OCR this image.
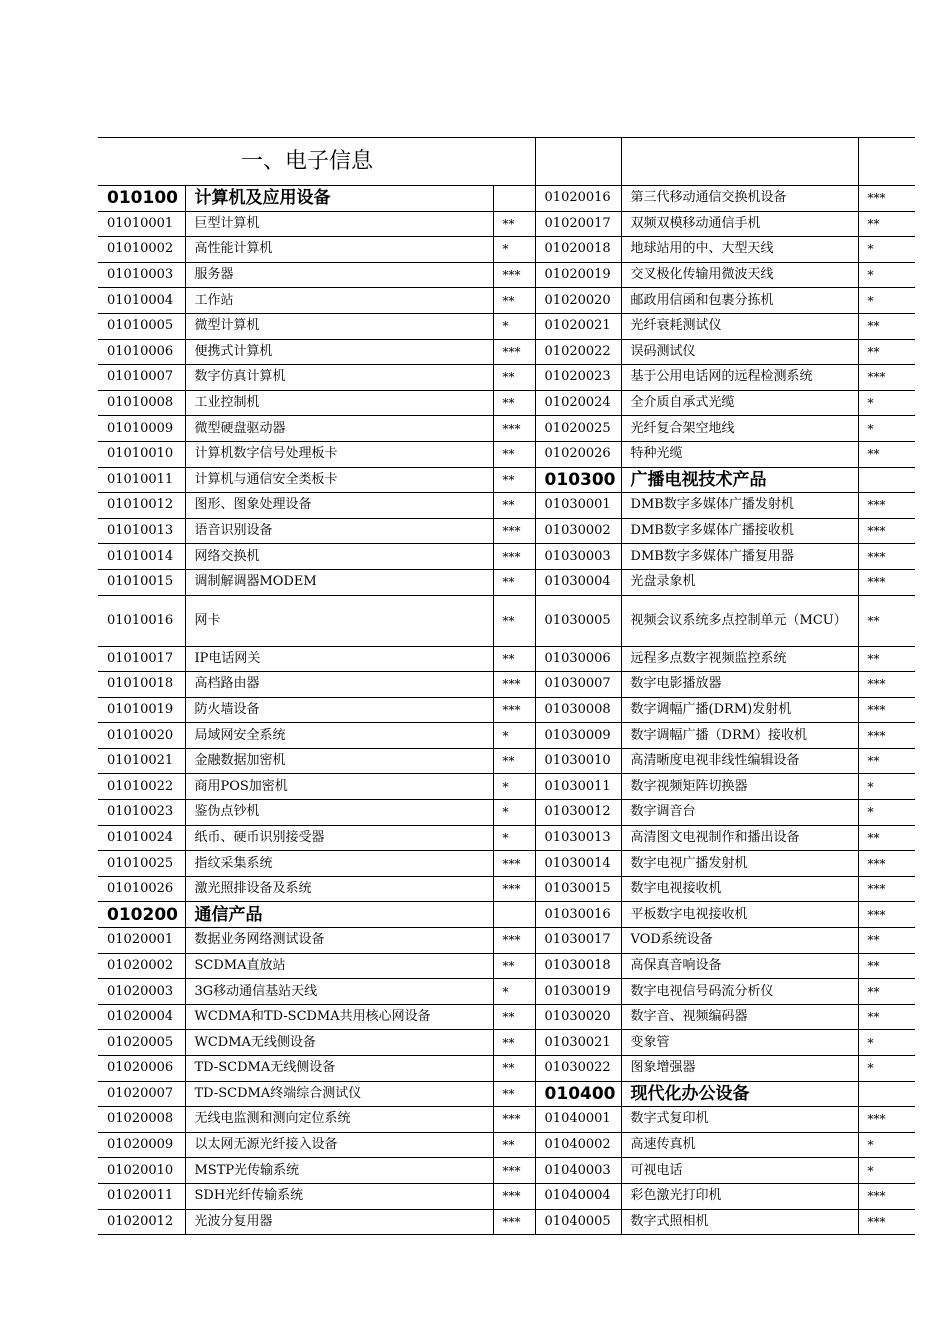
一、电子信息					
010100	计算机及应用设备		01020016	第三代移动通信交换机设备	***
01010001	巨型计算机	**	01020017	双频双模移动通信手机	**
01010002	高性能计算机	*	01020018	地球站用的中、大型天线	*
01010003	服务器	***	01020019	交叉极化传输用微波天线	*
01010004	工作站	**	01020020	邮政用信函和包裹分拣机	*
01010005	微型计算机	*	01020021	光纤衰耗测试仪	**
01010006	便携式计算机	***	01020022	误码测试仪	**
01010007	数字仿真计算机	**	01020023	基于公用电话网的远程检测系统	***
01010008	工业控制机	**	01020024	全介质自承式光缆	*
01010009	微型硬盘驱动器	***	01020025	光纤复合架空地线	*
01010010	计算机数字信号处理板卡	**	01020026	特种光缆	**
01010011	计算机与通信安全类板卡	**	010300	广播电视技术产品	
01010012	图形、图象处理设备	**	01030001	DMB数字多媒体广播发射机	***
01010013	语音识别设备	***	01030002	DMB数字多媒体广播接收机	***
01010014	网络交换机	***	01030003	DMB数字多媒体广播复用器	***
01010015	调制解调器MODEM	**	01030004	光盘录象机	***
01010016	网卡	**	01030005	视频会议系统多点控制单元（MCU）	**
01010017	IP电话网关	**	01030006	远程多点数字视频监控系统	**
01010018	高档路由器	***	01030007	数字电影播放器	***
01010019	防火墙设备	***	01030008	数字调幅广播(DRM)发射机	***
01010020	局域网安全系统	*	01030009	数字调幅广播（DRM）接收机	***
01010021	金融数据加密机	**	01030010	高清晰度电视非线性编辑设备	**
01010022	商用POS加密机	*	01030011	数字视频矩阵切换器	*
01010023	鉴伪点钞机	*	01030012	数字调音台	*
01010024	纸币、硬币识别接受器	*	01030013	高清图文电视制作和播出设备	**
01010025	指纹采集系统	***	01030014	数字电视广播发射机	***
01010026	激光照排设备及系统	***	01030015	数字电视接收机	***
010200	通信产品		01030016	平板数字电视接收机	***
01020001	数据业务网络测试设备	***	01030017	VOD系统设备	**
01020002	SCDMA直放站	**	01030018	高保真音响设备	**
01020003	3G移动通信基站天线	*	01030019	数字电视信号码流分析仪	**
01020004	WCDMA和TD-SCDMA共用核心网设备	**	01030020	数字音、视频编码器	**
01020005	WCDMA无线侧设备	**	01030021	变象管	*
01020006	TD-SCDMA无线侧设备	**	01030022	图象增强器	*
01020007	TD-SCDMA终端综合测试仪	**	010400	现代化办公设备	
01020008	无线电监测和测向定位系统	***	01040001	数字式复印机	***
01020009	以太网无源光纤接入设备	**	01040002	高速传真机	*
01020010	MSTP光传输系统	***	01040003	可视电话	*
01020011	SDH光纤传输系统	***	01040004	彩色激光打印机	***
01020012	光波分复用器	***	01040005	数字式照相机	***
